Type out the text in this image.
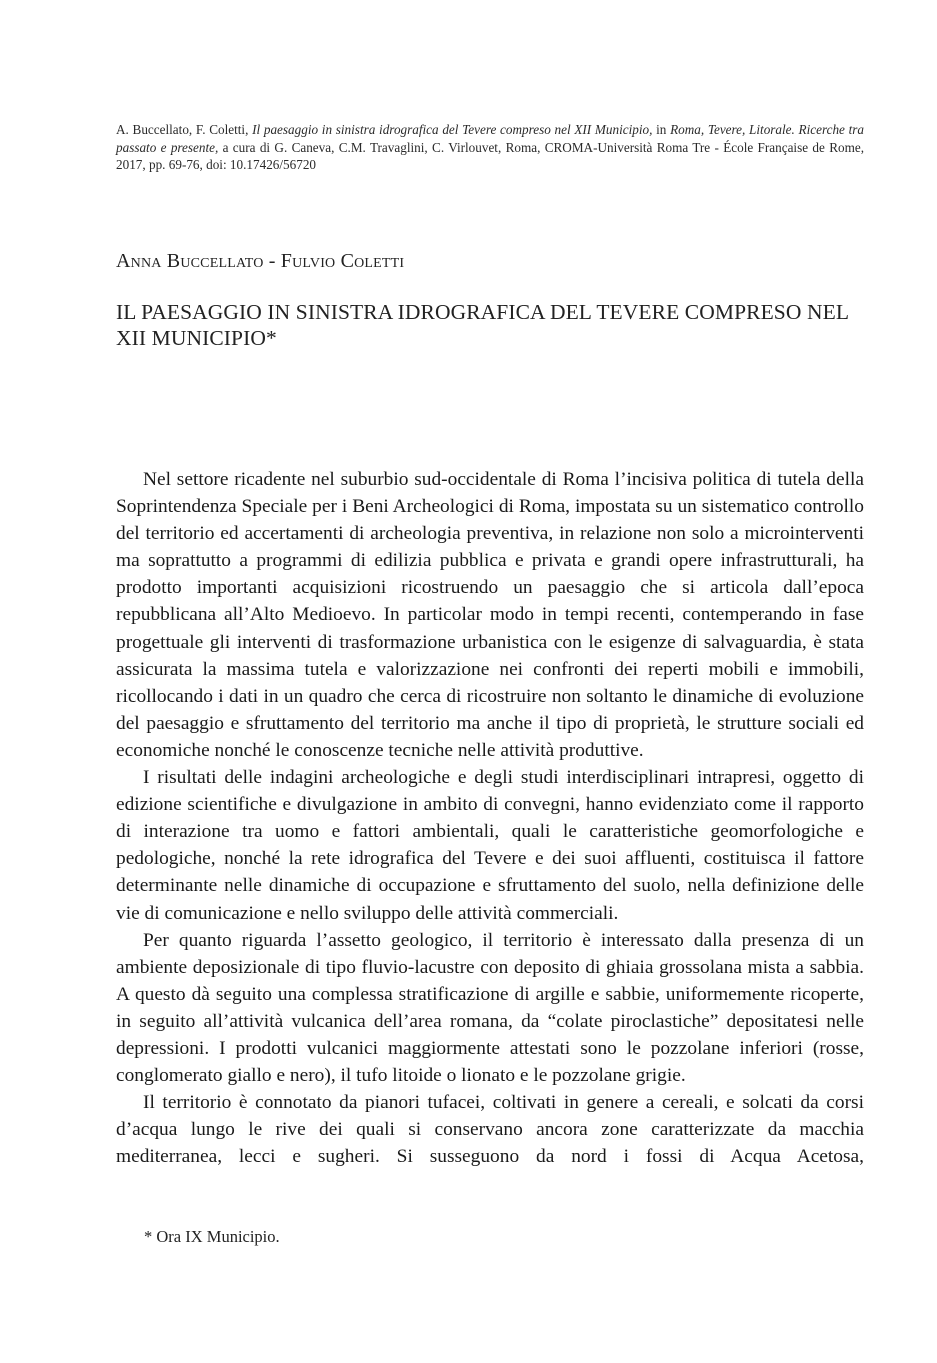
A. Buccellato, F. Coletti, Il paesaggio in sinistra idrografica del Tevere compreso nel XII Municipio, in Roma, Tevere, Litorale. Ricerche tra passato e presente, a cura di G. Caneva, C.M. Travaglini, C. Virlouvet, Roma, CROMA-Università Roma Tre - École Française de Rome, 2017, pp. 69-76, doi: 10.17426/56720
Anna Buccellato - Fulvio Coletti
IL PAESAGGIO IN SINISTRA IDROGRAFICA DEL TEVERE COMPRESO NEL XII MUNICIPIO*

Nel settore ricadente nel suburbio sud-occidentale di Roma l’incisiva politica di tutela della Soprintendenza Speciale per i Beni Archeologici di Roma, impostata su un sistematico controllo del territorio ed accertamenti di archeologia preventiva, in relazione non solo a microinterventi ma soprattutto a programmi di edilizia pubblica e privata e grandi opere infrastrutturali, ha prodotto importanti acquisizioni ricostruendo un paesaggio che si articola dall’epoca repubblicana all’Alto Medioevo. In particolar modo in tempi recenti, contemperando in fase progettuale gli interventi di trasformazione urbanistica con le esigenze di salvaguardia, è stata assicurata la massima tutela e valorizzazione nei confronti dei reperti mobili e immobili, ricollocando i dati in un quadro che cerca di ricostruire non soltanto le dinamiche di evoluzione del paesaggio e sfruttamento del territorio ma anche il tipo di proprietà, le strutture sociali ed economiche nonché le conoscenze tecniche nelle attività produttive.

I risultati delle indagini archeologiche e degli studi interdisciplinari intrapresi, oggetto di edizione scientifiche e divulgazione in ambito di convegni, hanno evidenziato come il rapporto di interazione tra uomo e fattori ambientali, quali le caratteristiche geomorfologiche e pedologiche, nonché la rete idrografica del Tevere e dei suoi affluenti, costituisca il fattore determinante nelle dinamiche di occupazione e sfruttamento del suolo, nella definizione delle vie di comunicazione e nello sviluppo delle attività commerciali.

Per quanto riguarda l’assetto geologico, il territorio è interessato dalla presenza di un ambiente deposizionale di tipo fluvio-lacustre con deposito di ghiaia grossolana mista a sabbia. A questo dà seguito una complessa stratificazione di argille e sabbie, uniformemente ricoperte, in seguito all’attività vulcanica dell’area romana, da “colate piroclastiche” depositatesi nelle depressioni. I prodotti vulcanici maggiormente attestati sono le pozzolane inferiori (rosse, conglomerato giallo e nero), il tufo litoide o lionato e le pozzolane grigie.

Il territorio è connotato da pianori tufacei, coltivati in genere a cereali, e solcati da corsi d’acqua lungo le rive dei quali si conservano ancora zone caratterizzate da macchia mediterranea, lecci e sugheri. Si susseguono da nord i fossi di Acqua Acetosa,

* Ora IX Municipio.
